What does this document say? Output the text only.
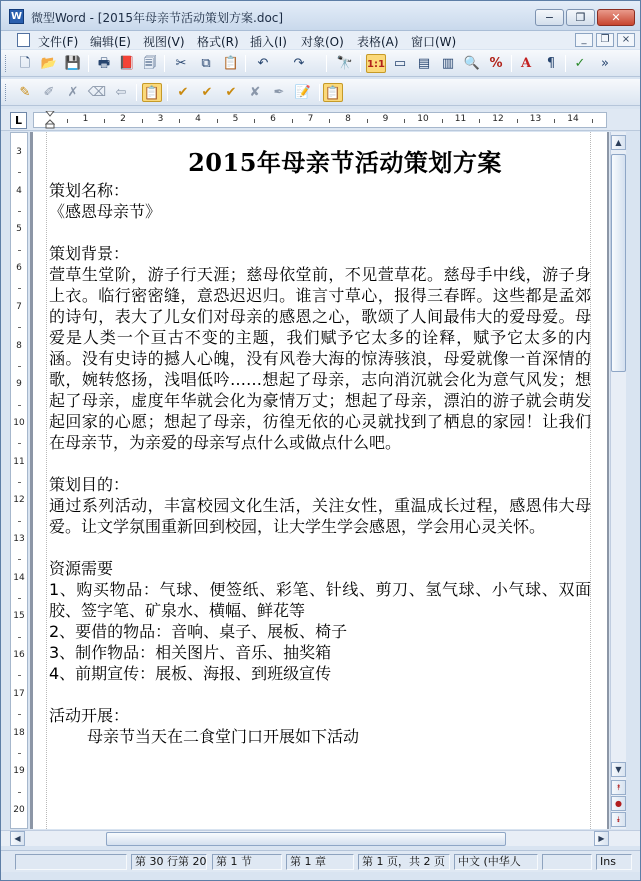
W 微型Word - [2015年母亲节活动策划方案.doc]	−	❐	✕
文件(F) 编辑(E) 视图(V) 格式(R) 插入(I) 对象(O) 表格(A) 窗口(W)	_	❐	×
🗋 📂 💾 🖶 📕 🗐	✂	⧉ 📋	↶	↷	🔭 1:1 ▭ ▤ ▥ 🔍 %	A	¶	✓	»
✎	✐	✗ ⌫ ⇦	📋	✔	✔	✔	✘	✒ 📝 📋
L	1	2	3	4	5	6	7	8	9	10	11	12	13	14
3
4
5
6
7
8
9
10
11
12
13
14
15
16
17
18
19
20
2015年母亲节活动策划方案
策划名称：
《感恩母亲节》
策划背景：
萱草生堂阶，游子行天涯；慈母依堂前，不见萱草花。慈母手中线，游子身上衣。临行密密缝，意恐迟迟归。谁言寸草心，报得三春晖。这些都是孟郊的诗句，表大了儿女们对母亲的感恩之心，歌颂了人间最伟大的爱母爱。母爱是人类一个亘古不变的主题，我们赋予它太多的诠释，赋予它太多的内涵。没有史诗的撼人心魄，没有风卷大海的惊涛骇浪，母爱就像一首深情的歌，婉转悠扬，浅唱低吟……想起了母亲，志向消沉就会化为意气风发；想起了母亲，虚度年华就会化为豪情万丈；想起了母亲，漂泊的游子就会萌发起回家的心愿；想起了母亲，彷徨无依的心灵就找到了栖息的家园！让我们在母亲节，为亲爱的母亲写点什么或做点什么吧。
策划目的：
通过系列活动，丰富校园文化生活，关注女性，重温成长过程，感恩伟大母爱。让文学氛围重新回到校园，让大学生学会感恩，学会用心灵关怀。
资源需要
1、购买物品：气球、便签纸、彩笔、针线、剪刀、氢气球、小气球、双面胶、签字笔、矿泉水、横幅、鲜花等
2、要借的物品：音响、桌子、展板、椅子
3、制作物品：相关图片、音乐、抽奖箱
4、前期宣传：展板、海报、到班级宣传
活动开展：
母亲节当天在二食堂门口开展如下活动
▲
▼
⯭
●
⯯
◀	▶
第 30 行第 20 第 1 节	第 1 章	第 1 页，共 2 页	中文 (中华人	Ins
